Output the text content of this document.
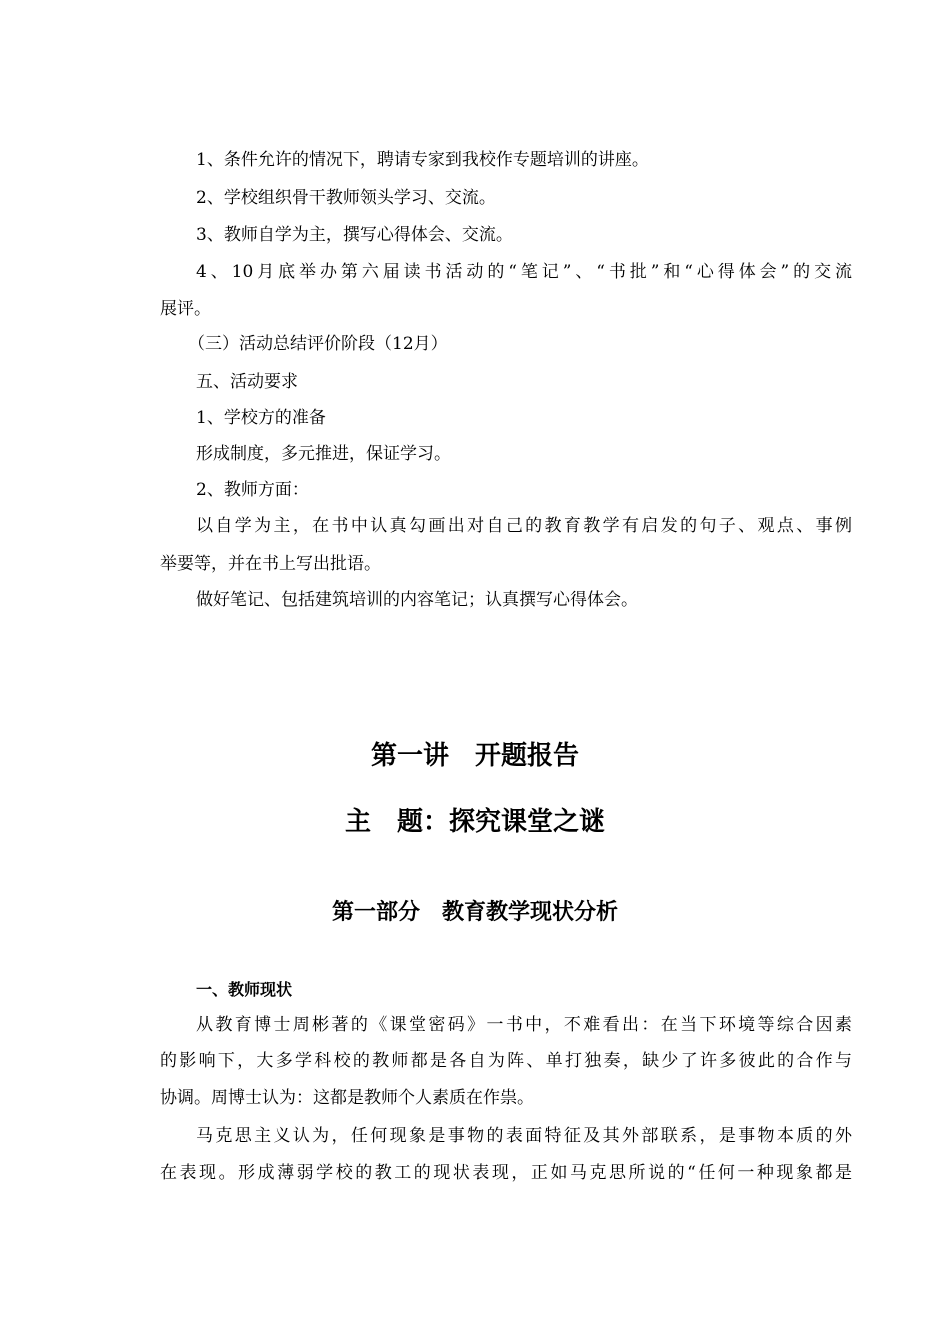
1、条件允许的情况下，聘请专家到我校作专题培训的讲座。
2、学校组织骨干教师领头学习、交流。
3、教师自学为主，撰写心得体会、交流。
4、10月底举办第六届读书活动的“笔记”、“书批”和“心得体会”的交流
展评。
（三）活动总结评价阶段（12月）
五、活动要求
1、学校方的准备
形成制度，多元推进，保证学习。
2、教师方面：
以自学为主，在书中认真勾画出对自己的教育教学有启发的句子、观点、事例
举要等，并在书上写出批语。
做好笔记、包括建筑培训的内容笔记；认真撰写心得体会。
第一讲　开题报告
主　题：探究课堂之谜
第一部分　教育教学现状分析
一、教师现状
从教育博士周彬著的《课堂密码》一书中，不难看出：在当下环境等综合因素
的影响下，大多学科校的教师都是各自为阵、单打独奏，缺少了许多彼此的合作与
协调。周博士认为：这都是教师个人素质在作祟。
马克思主义认为，任何现象是事物的表面特征及其外部联系，是事物本质的外
在表现。形成薄弱学校的教工的现状表现，正如马克思所说的“任何一种现象都是
